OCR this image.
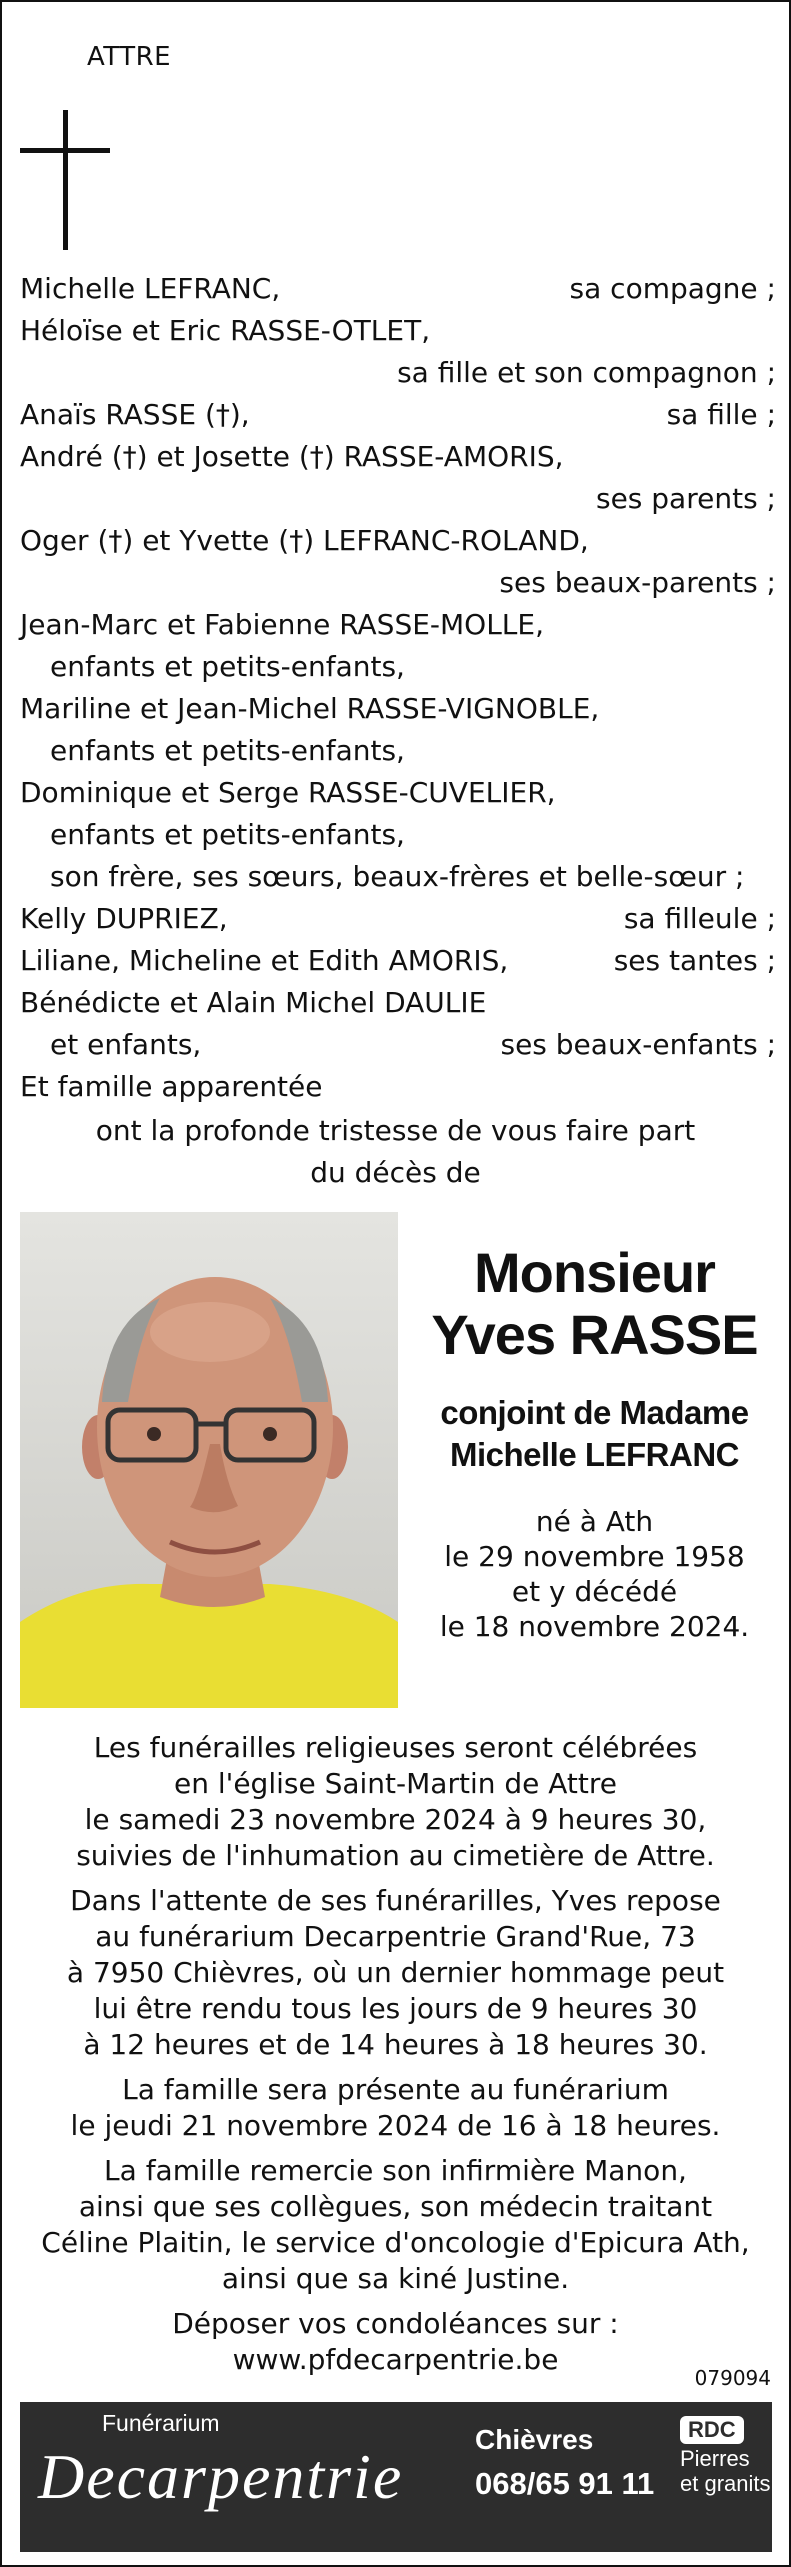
ATTRE
Michelle LEFRANC,	sa compagne ;
Héloïse et Eric RASSE-OTLET,
sa fille et son compagnon ;
Anaïs RASSE (†),	sa fille ;
André (†) et Josette (†) RASSE-AMORIS,
ses parents ;
Oger (†) et Yvette (†) LEFRANC-ROLAND,
ses beaux-parents ;
Jean-Marc et Fabienne RASSE-MOLLE,
enfants et petits-enfants,
Mariline et Jean-Michel RASSE-VIGNOBLE,
enfants et petits-enfants,
Dominique et Serge RASSE-CUVELIER,
enfants et petits-enfants,
son frère, ses sœurs, beaux-frères et belle-sœur ;
Kelly DUPRIEZ,	sa filleule ;
Liliane, Micheline et Edith AMORIS,	ses tantes ;
Bénédicte et Alain Michel DAULIE
et enfants,	ses beaux-enfants ;
Et famille apparentée
ont la profonde tristesse de vous faire part
du décès de
Monsieur
Yves RASSE
conjoint de Madame
Michelle LEFRANC
né à Ath
le 29 novembre 1958
et y décédé
le 18 novembre 2024.

Les funérailles religieuses seront célébrées
en l'église Saint-Martin de Attre
le samedi 23 novembre 2024 à 9 heures 30,
suivies de l'inhumation au cimetière de Attre.

Dans l'attente de ses funérarilles, Yves repose
au funérarium Decarpentrie Grand'Rue, 73
à 7950 Chièvres, où un dernier hommage peut
lui être rendu tous les jours de 9 heures 30
à 12 heures et de 14 heures à 18 heures 30.

La famille sera présente au funérarium
le jeudi 21 novembre 2024 de 16 à 18 heures.

La famille remercie son infirmière Manon,
ainsi que ses collègues, son médecin traitant
Céline Plaitin, le service d'oncologie d'Epicura Ath,
ainsi que sa kiné Justine.

Déposer vos condoléances sur :
www.pfdecarpentrie.be

079094
Funérarium
Decarpentrie
Chièvres
068/65 91 11
RDC
Pierres
et granits
